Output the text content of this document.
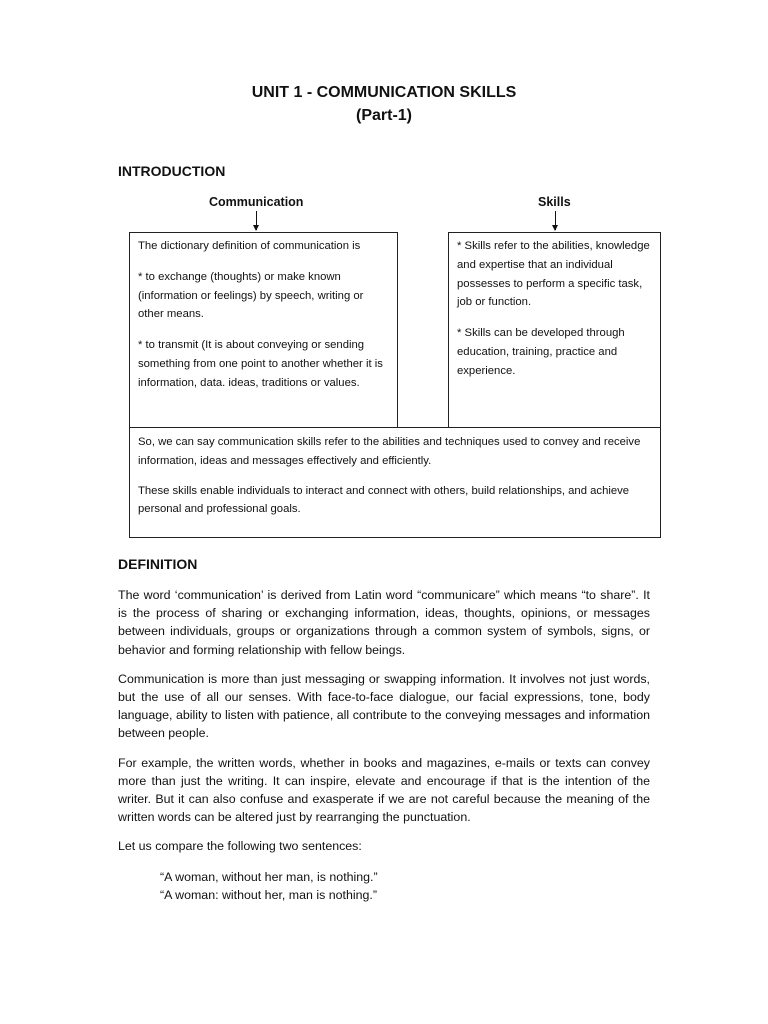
UNIT 1 - COMMUNICATION SKILLS
(Part-1)
INTRODUCTION
Communication	Skills

The dictionary definition of communication is

* to exchange (thoughts) or make known (information or feelings) by speech, writing or other means.

* to transmit (It is about conveying or sending something from one point to another whether it is information, data. ideas, traditions or values.

* Skills refer to the abilities, knowledge and expertise that an individual possesses to perform a specific task, job or function.

* Skills can be developed through education, training, practice and experience.

So, we can say communication skills refer to the abilities and techniques used to convey and receive information, ideas and messages effectively and efficiently.

These skills enable individuals to interact and connect with others, build relationships, and achieve personal and professional goals.

DEFINITION

The word ‘communication’ is derived from Latin word “communicare” which means “to share”. It is the process of sharing or exchanging information, ideas, thoughts, opinions, or messages between individuals, groups or organizations through a common system of symbols, signs, or behavior and forming relationship with fellow beings.

Communication is more than just messaging or swapping information. It involves not just words, but the use of all our senses. With face-to-face dialogue, our facial expressions, tone, body language, ability to listen with patience, all contribute to the conveying messages and information between people.

For example, the written words, whether in books and magazines, e-mails or texts can convey more than just the writing. It can inspire, elevate and encourage if that is the intention of the writer. But it can also confuse and exasperate if we are not careful because the meaning of the written words can be altered just by rearranging the punctuation.

Let us compare the following two sentences:

“A woman, without her man, is nothing.”
“A woman: without her, man is nothing.”
